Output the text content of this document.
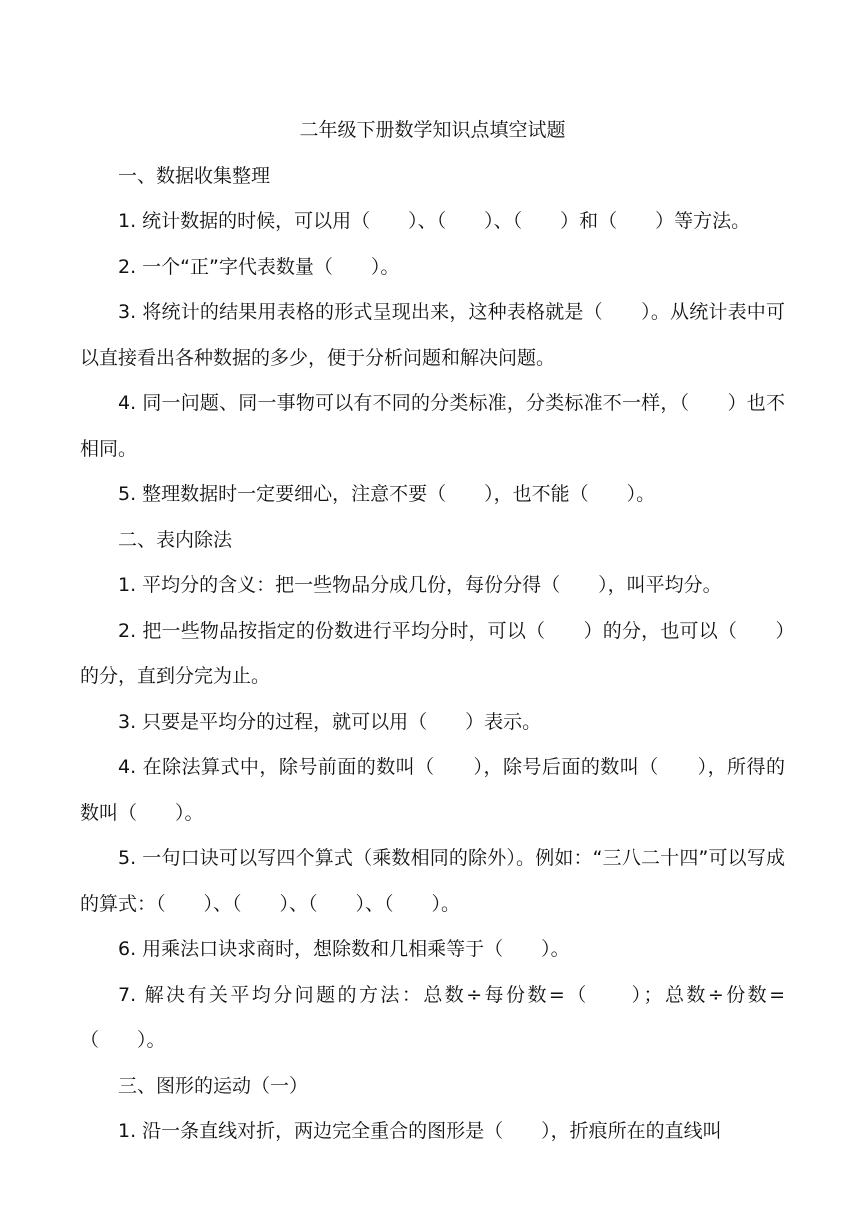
二年级下册数学知识点填空试题
一、数据收集整理

1. 统计数据的时候，可以用（　　）、（　　）、（　　）和（　　）等方法。

2. 一个“正”字代表数量（　　）。

3. 将统计的结果用表格的形式呈现出来，这种表格就是（　　）。从统计表中可以直接看出各种数据的多少，便于分析问题和解决问题。

4. 同一问题、同一事物可以有不同的分类标准，分类标准不一样，（　　）也不相同。

5. 整理数据时一定要细心，注意不要（　　），也不能（　　）。

二、表内除法

1. 平均分的含义：把一些物品分成几份，每份分得（　　），叫平均分。

2. 把一些物品按指定的份数进行平均分时，可以（　　）的分，也可以（　　）的分，直到分完为止。

3. 只要是平均分的过程，就可以用（　　）表示。

4. 在除法算式中，除号前面的数叫（　　），除号后面的数叫（　　），所得的数叫（　　）。

5. 一句口诀可以写四个算式（乘数相同的除外）。例如：“三八二十四”可以写成的算式：（　　）、（　　）、（　　）、（　　）。

6. 用乘法口诀求商时，想除数和几相乘等于（　　）。

7. 解决有关平均分问题的方法：总数÷每份数=（　　）；总数÷份数=（　　）。

三、图形的运动（一）

1. 沿一条直线对折，两边完全重合的图形是（　　），折痕所在的直线叫
